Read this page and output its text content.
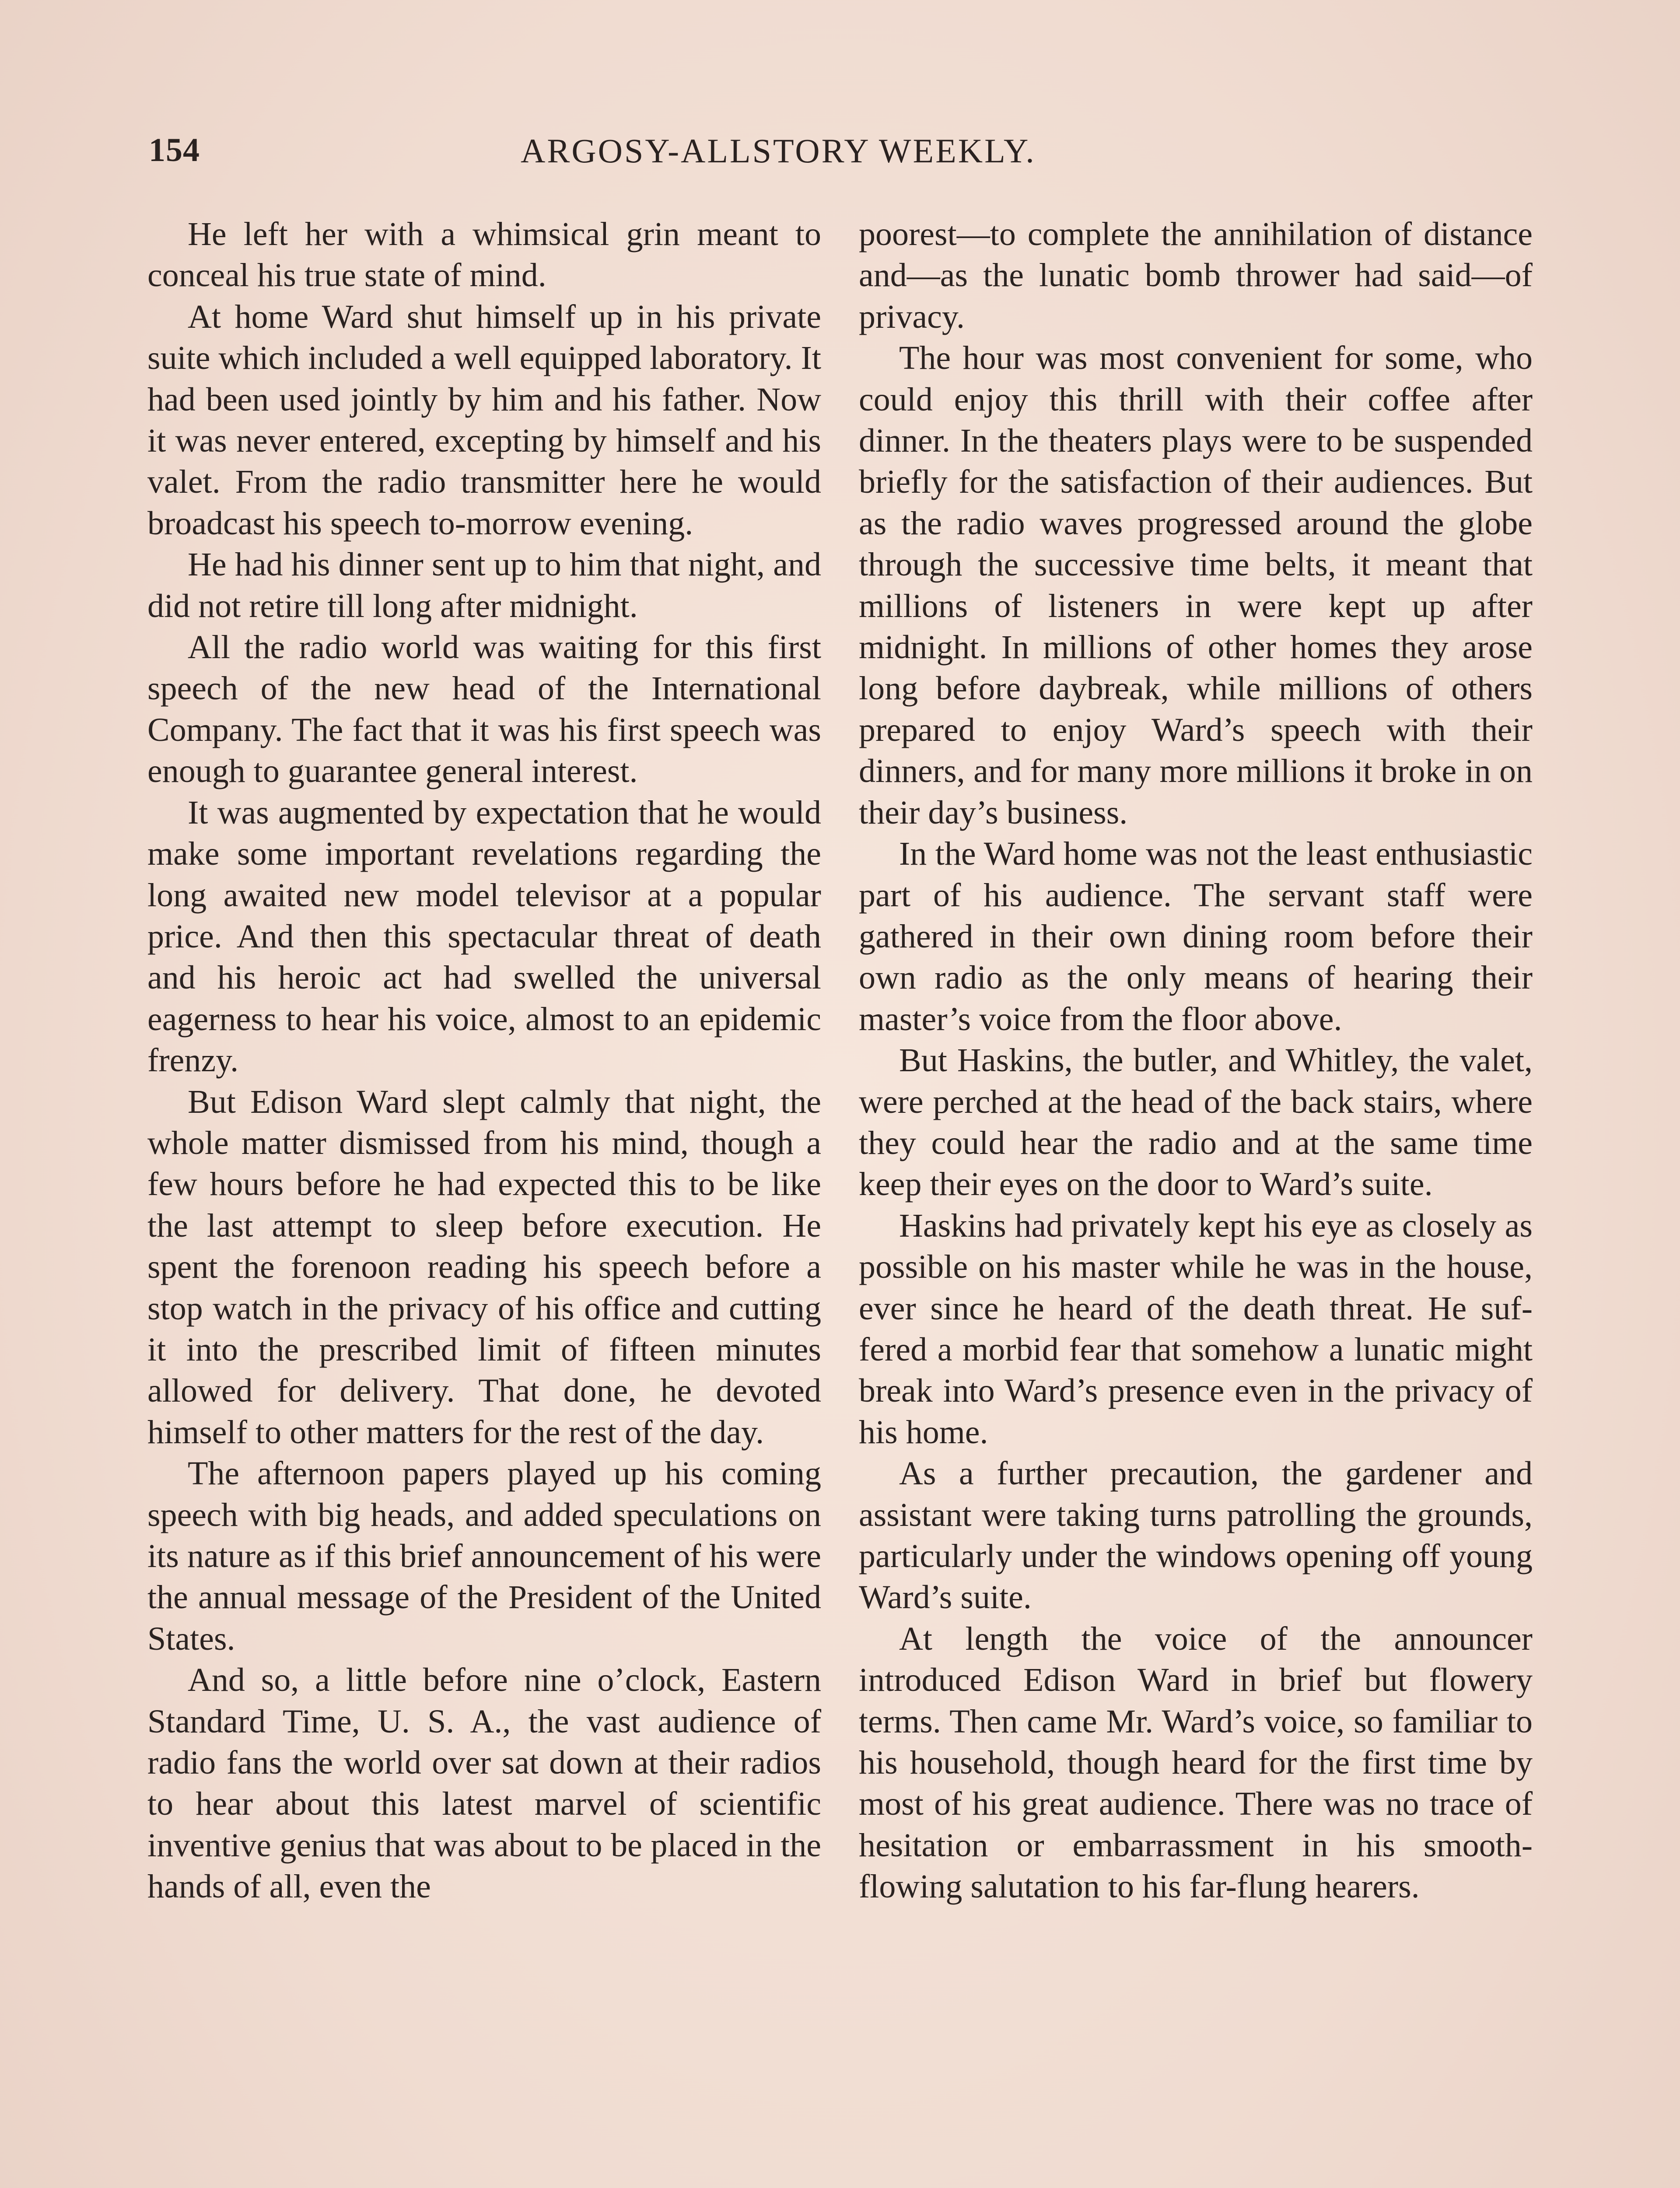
154	ARGOSY-ALLSTORY WEEKLY.

He left her with a whimsical grin meant to conceal his true state of mind.

At home Ward shut himself up in his private suite which included a well equipped laboratory. It had been used jointly by him and his father. Now it was never entered, excepting by himself and his valet. From the radio transmitter here he would broadcast his speech to-morrow evening.

He had his dinner sent up to him that night, and did not retire till long after midnight.

All the radio world was waiting for this first speech of the new head of the International Company. The fact that it was his first speech was enough to guarantee general interest.

It was augmented by expectation that he would make some important revelations regarding the long awaited new model televisor at a popular price. And then this spectacular threat of death and his heroic act had swelled the universal eagerness to hear his voice, almost to an epidemic frenzy.

But Edison Ward slept calmly that night, the whole matter dismissed from his mind, though a few hours before he had expected this to be like the last attempt to sleep before execution. He spent the forenoon reading his speech before a stop watch in the privacy of his office and cutting it into the prescribed limit of fifteen minutes allowed for delivery. That done, he devoted himself to other matters for the rest of the day.

The afternoon papers played up his coming speech with big heads, and added speculations on its nature as if this brief announcement of his were the annual message of the President of the United States.

And so, a little before nine o’clock, Eastern Standard Time, U. S. A., the vast audience of radio fans the world over sat down at their radios to hear about this latest marvel of scientific inventive genius that was about to be placed in the hands of all, even the

poorest—to complete the annihilation of distance and—as the lunatic bomb thrower had said—of privacy.

The hour was most convenient for some, who could enjoy this thrill with their coffee after dinner. In the theaters plays were to be suspended briefly for the satisfaction of their audiences. But as the radio waves progressed around the globe through the successive time belts, it meant that millions of listeners in were kept up after midnight. In millions of other homes they arose long before daybreak, while millions of others prepared to enjoy Ward’s speech with their dinners, and for many more millions it broke in on their day’s business.

In the Ward home was not the least enthusiastic part of his audience. The servant staff were gathered in their own dining room before their own radio as the only means of hearing their master’s voice from the floor above.

But Haskins, the butler, and Whitley, the valet, were perched at the head of the back stairs, where they could hear the radio and at the same time keep their eyes on the door to Ward’s suite.

Haskins had privately kept his eye as closely as possible on his master while he was in the house, ever since he heard of the death threat. He suffered a morbid fear that somehow a lunatic might break into Ward’s presence even in the privacy of his home.

As a further precaution, the gardener and assistant were taking turns patrolling the grounds, particularly under the windows opening off young Ward’s suite.

At length the voice of the announcer introduced Edison Ward in brief but flowery terms. Then came Mr. Ward’s voice, so familiar to his household, though heard for the first time by most of his great audience. There was no trace of hesitation or embarrassment in his smooth-flowing salutation to his far-flung hearers.
